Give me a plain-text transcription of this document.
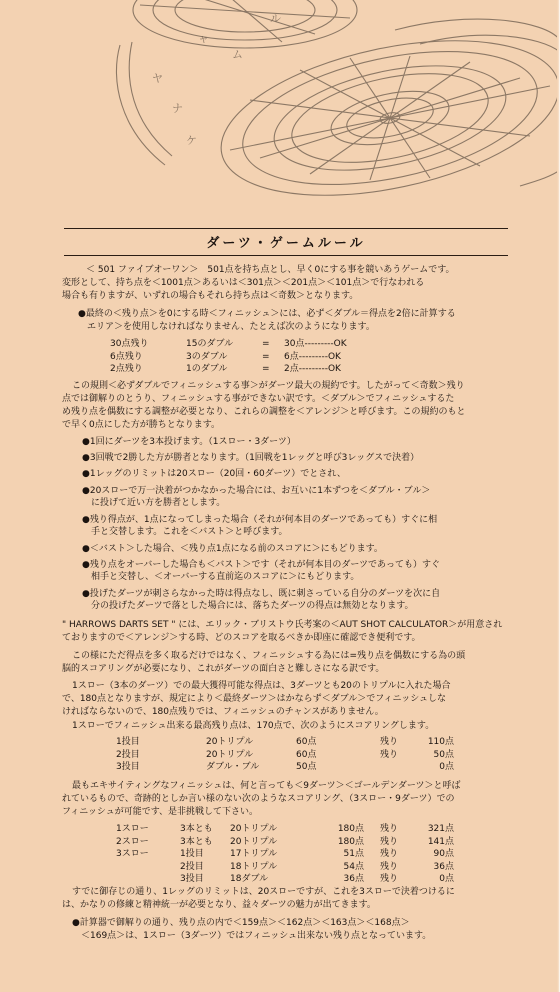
ヤ
ナ
ケ
ャ
ル
ム
ダーツ・ゲームルール
＜ 501 ファイブオーワン＞　501点を持ち点とし、早く0にする事を競いあうゲームです。
変形として、持ち点を＜1001点＞あるいは＜301点＞＜201点＞＜101点＞で行なわれる
場合も有りますが、いずれの場合もそれら持ち点は＜奇数＞となります。
●最終の＜残り点＞を0にする時＜フィニッシュ＞には、必ず＜ダブル＝得点を2倍に計算する
　エリア＞を使用しなければなりません、たとえば次のようになります。
30点残り	15のダブル	=	30点---------OK
6点残り	3のダブル	=	6点---------OK
2点残り	1のダブル	=	2点---------OK
この規則＜必ずダブルでフィニッシュする事＞がダーツ最大の規約です。したがって＜奇数＞残り
点では御解りのとうり、フィニッシュする事ができない訳です。＜ダブル＞でフィニッシュするた
め残り点を偶数にする調整が必要となり、これらの調整を＜アレンジ＞と呼びます。この規約のもと
で早く0点にした方が勝ちとなります。
●1回にダーツを3本投げます。（1スロー・3ダーツ）
●3回戦で2勝した方が勝者となります。（1回戦を1レッグと呼び3レッグスで決着）
●1レッグのリミットは20スロー（20回・60ダーツ）でとされ、
●20スローで万一決着がつかなかった場合には、お互いに1本ずつを＜ダブル・ブル＞
　に投げて近い方を勝者とします。
●残り得点が、1点になってしまった場合（それが何本目のダーツであっても）すぐに相
　手と交替します。これを＜バスト＞と呼びます。
●＜バスト＞した場合、＜残り点1点になる前のスコアに＞にもどります。
●残り点をオーバーした場合も＜バスト＞です（それが何本目のダーツであっても）すぐ
　相手と交替し、＜オーバーする直前迄のスコアに＞にもどります。
●投げたダーツが刺さらなかった時は得点なし、既に刺さっている自分のダーツを次に自
　分の投げたダーツで落とした場合には、落ちたダーツの得点は無効となります。
" HARROWS DARTS SET " には、エリック・ブリストウ氏考案の＜AUT SHOT CALCULATOR＞が用意され
ておりますので＜アレンジ＞する時、どのスコアを取るべきか即座に確認でき便利です。
この様にただ得点を多く取るだけではなく、フィニッシュする為には=残り点を偶数にする為の頭
脳的スコアリングが必要になり、これがダーツの面白さと難しさになる訳です。
1スロー（3本のダーツ）での最大獲得可能な得点は、3ダーツとも20のトリプルに入れた場合
で、180点となりますが、規定により＜最終ダーツ＞はかならず＜ダブル＞でフィニッシュしな
ければならないので、180点残りでは、フィニッシュのチャンスがありません。
1スローでフィニッシュ出来る最高残り点は、170点で、次のようにスコアリングします。
1投目	20トリプル	60点	残り	110点
2投目	20トリプル	60点	残り	50点
3投目	ダブル・ブル	50点		0点
最もエキサイティングなフィニッシュは、何と言っても＜9ダーツ＞＜ゴールデンダーツ＞と呼ば
れているもので、奇跡的としか言い様のない次のようなスコアリング、（3スロー・9ダーツ）での
フィニッシュが可能です、是非挑戦して下さい。
1スロー	3本とも	20トリプル	180点	残り	321点
2スロー	3本とも	20トリプル	180点	残り	141点
3スロー	1投目	17トリプル	51点	残り	90点
	2投目	18トリプル	54点	残り	36点
	3投目	18ダブル	36点	残り	0点
すでに御存じの通り、1レッグのリミットは、20スローですが、これを3スローで決着つけるに
は、かなりの修練と精神統一が必要となり、益々ダーツの魅力が出てきます。
●計算器で御解りの通り、残り点の内で＜159点＞＜162点＞＜163点＞＜168点＞
　＜169点＞は、1スロー（3ダーツ）ではフィニッシュ出来ない残り点となっています。
